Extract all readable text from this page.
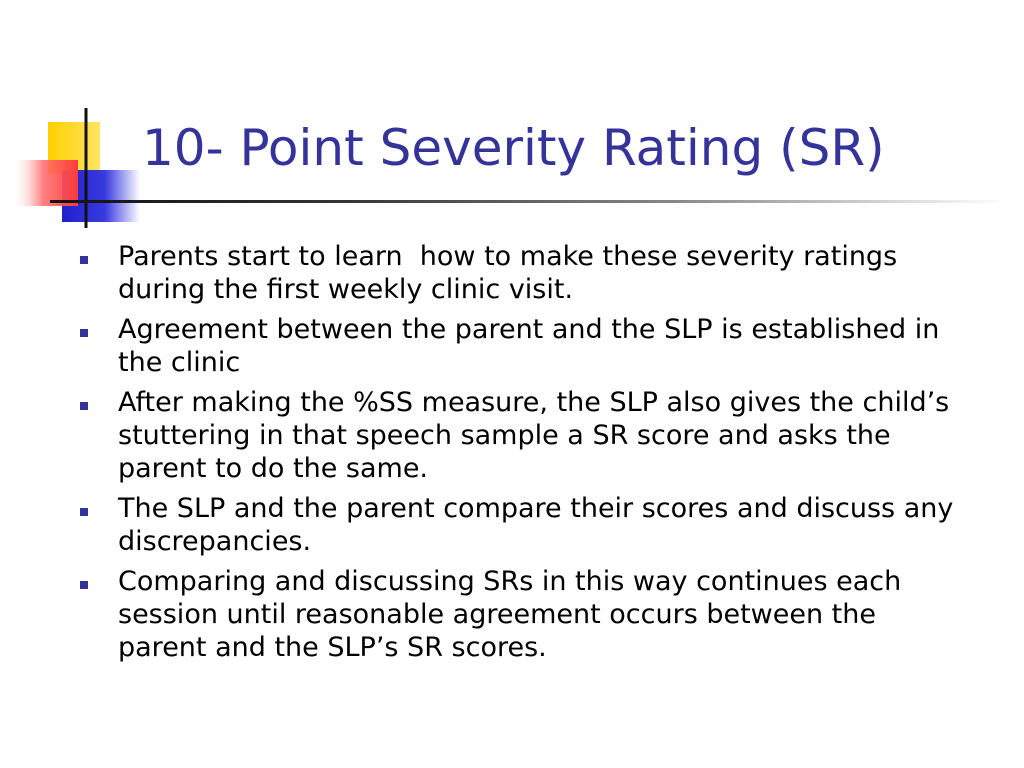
10- Point Severity Rating (SR)
Parents start to learn  how to make these severity ratings during the first weekly clinic visit.
Agreement between the parent and the SLP is established in the clinic
After making the %SS measure, the SLP also gives the child’s stuttering in that speech sample a SR score and asks the parent to do the same.
The SLP and the parent compare their scores and discuss any discrepancies.
Comparing and discussing SRs in this way continues each session until reasonable agreement occurs between the parent and the SLP’s SR scores.
